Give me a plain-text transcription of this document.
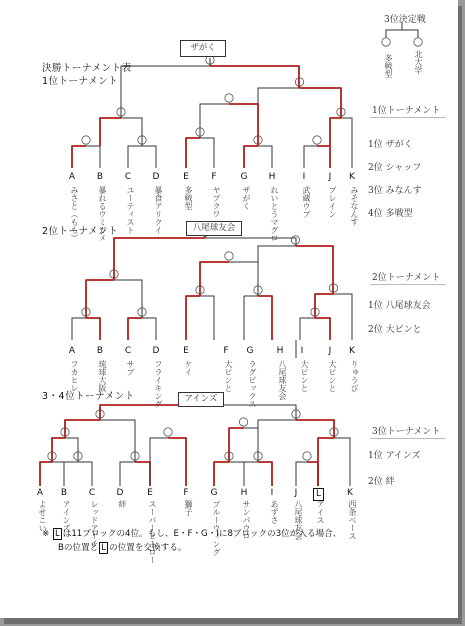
決勝トーナメント表
1位トーナメント
2位トーナメント
3・4位トーナメント
ザがく
八尾球友会
アインズ
A
みさと（もも）
B
暴れるウミガメ
C
ユーティスト
D
暴食アリクイ
E
多戦型
F
ヤブクワ
G
ザがく
H
れいとうマグロ
I
武蔵ウブ
J
ブレイン
K
みそなんす
A
フカヒレ
B
琉球大阪
C
サブ
D
フライキング
E
ケイ
F
大ピンと
G
ラグビックス
H
八尾球友会
I
大ピンと
J
大ピンと
K
りゅうび
A
よせこい
B
アインズ
C
レッドアーチ
D
絆
E
スーパーヒーロー
F
獅子
G
ブルーウィング
H
サンパウロ
I
あずさ
J
八尾球友会
L
アイス
K
西条ベース
3位決定戦
多戦型	北大学
1位トーナメント
1位 ザがく
2位 シャッフ
3位 みなんす
4位 多戦型
2位トーナメント
1位 八尾球友会
2位 大ピンと
3位トーナメント
1位 アインズ
2位 絆
※ L は11ブロックの4位。もし、E・F・G・Iに8ブロックの3位が入る場合、
Bの位置と L の位置を交換する。
